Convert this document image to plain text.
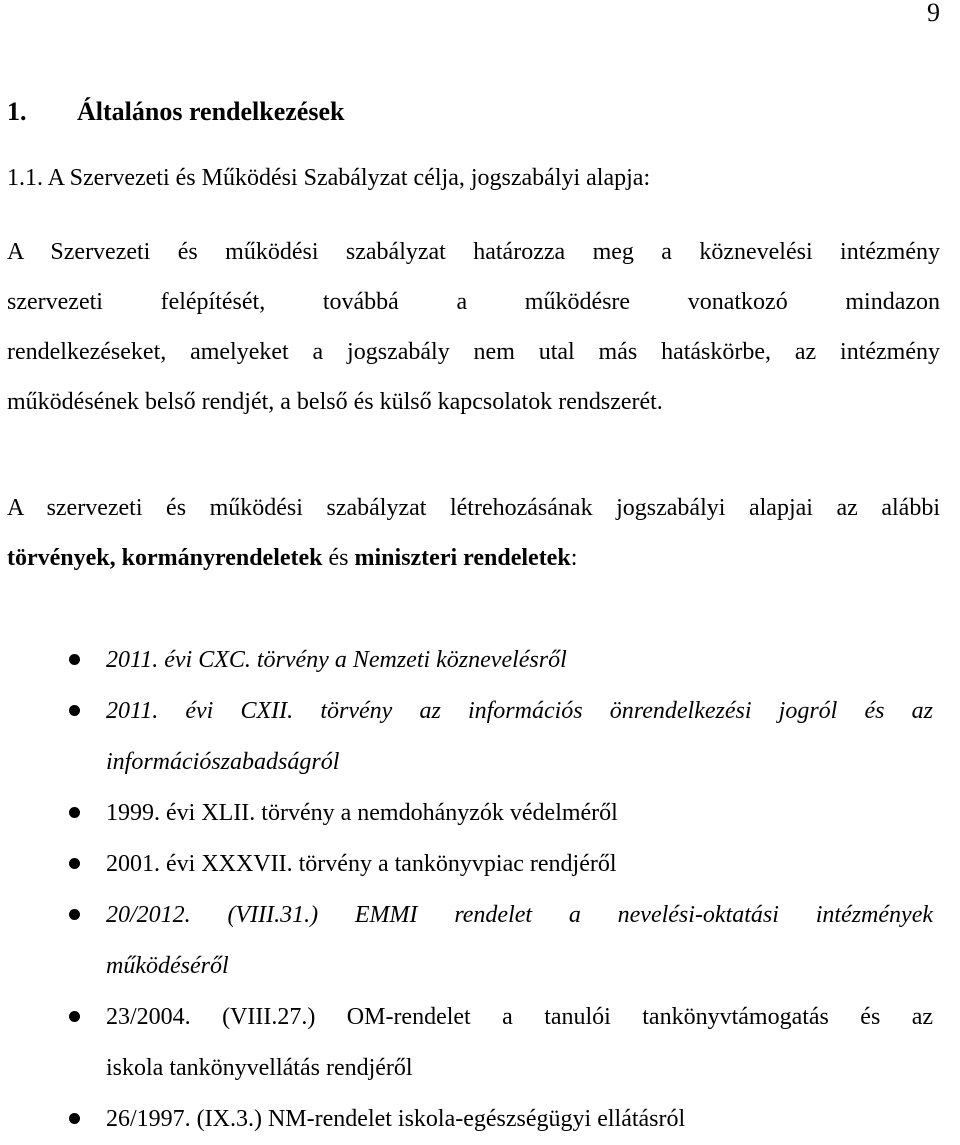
9
1. Általános rendelkezések
1.1. A Szervezeti és Működési Szabályzat célja, jogszabályi alapja:
A Szervezeti és működési szabályzat határozza meg a köznevelési intézmény
szervezeti felépítését, továbbá a működésre vonatkozó mindazon
rendelkezéseket, amelyeket a jogszabály nem utal más hatáskörbe, az intézmény
működésének belső rendjét, a belső és külső kapcsolatok rendszerét.
A szervezeti és működési szabályzat létrehozásának jogszabályi alapjai az alábbi
törvények, kormányrendeletek és miniszteri rendeletek:
2011. évi CXC. törvény a Nemzeti köznevelésről
2011. évi CXII. törvény az információs önrendelkezési jogról és az
információszabadságról
1999. évi XLII. törvény a nemdohányzók védelméről
2001. évi XXXVII. törvény a tankönyvpiac rendjéről
20/2012. (VIII.31.) EMMI rendelet a nevelési-oktatási intézmények
működéséről
23/2004. (VIII.27.) OM-rendelet a tanulói tankönyvtámogatás és az
iskola tankönyvellátás rendjéről
26/1997. (IX.3.) NM-rendelet iskola-egészségügyi ellátásról
